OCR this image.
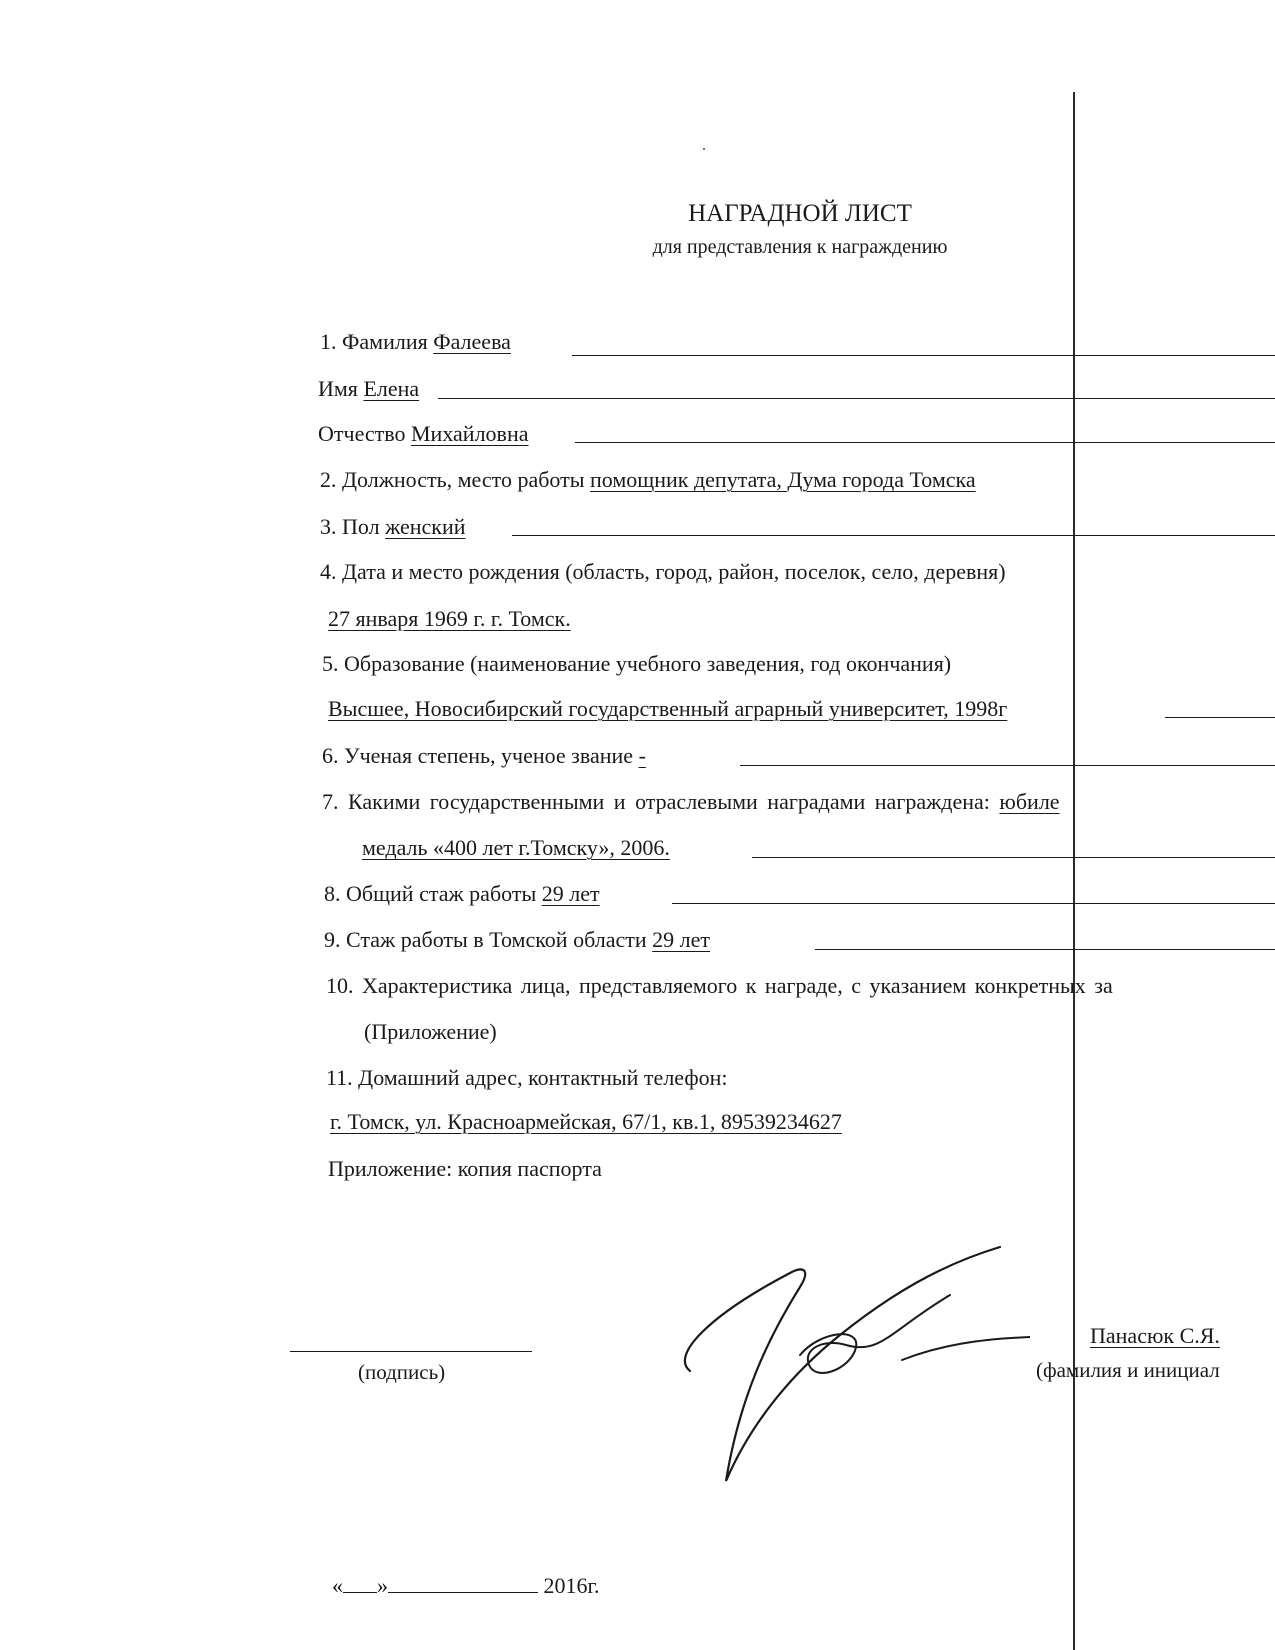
НАГРАДНОЙ ЛИСТ
для представления к награждению
1. Фамилия Фалеева
Имя Елена
Отчество Михайловна
2. Должность, место работы помощник депутата, Дума города Томска
3. Пол женский
4. Дата и место рождения (область, город, район, поселок, село, деревня)
27 января 1969 г. г. Томск.
5. Образование (наименование учебного заведения, год окончания)
Высшее, Новосибирский государственный аграрный университет, 1998г
6. Ученая степень, ученое звание -
7. Какими государственными и отраслевыми наградами награждена: юбиле
медаль «400 лет г.Томску», 2006.
8. Общий стаж работы 29 лет
9. Стаж работы в Томской области 29 лет
10. Характеристика лица, представляемого к награде, с указанием конкретных за
(Приложение)
11. Домашний адрес, контактный телефон:
г. Томск, ул. Красноармейская, 67/1, кв.1, 89539234627
Приложение: копия паспорта
(подпись)
Панасюк С.Я.
(фамилия и инициал
« »	2016г.
